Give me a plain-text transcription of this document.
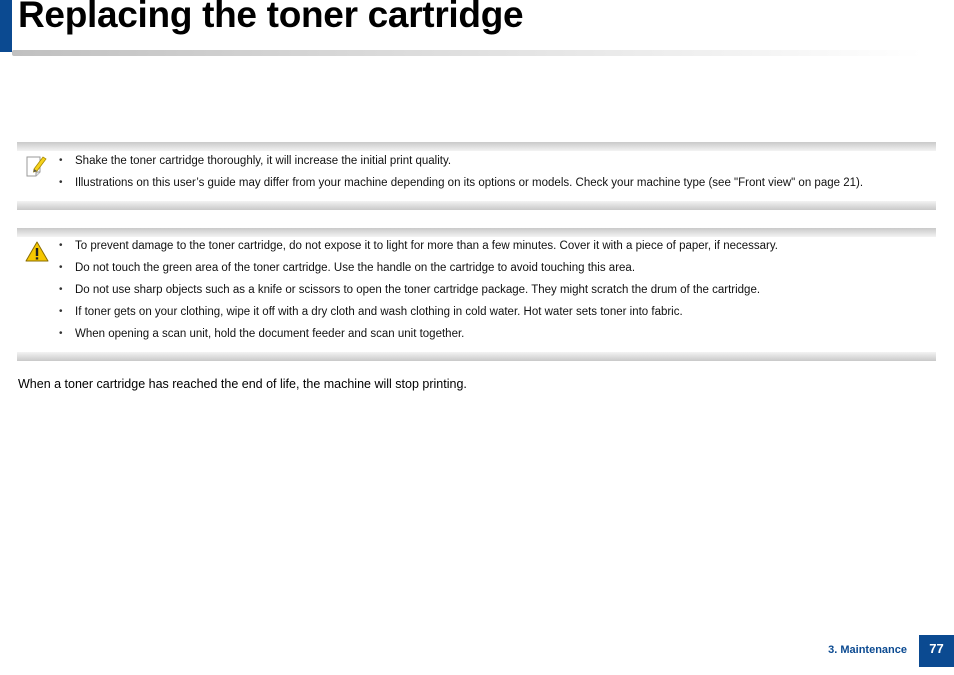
Replacing the toner cartridge
• Shake the toner cartridge thoroughly, it will increase the initial print quality.
• Illustrations on this user’s guide may differ from your machine depending on its options or models. Check your machine type (see "Front view" on page 21).
• To prevent damage to the toner cartridge, do not expose it to light for more than a few minutes. Cover it with a piece of paper, if necessary.
• Do not touch the green area of the toner cartridge. Use the handle on the cartridge to avoid touching this area.
• Do not use sharp objects such as a knife or scissors to open the toner cartridge package. They might scratch the drum of the cartridge.
• If toner gets on your clothing, wipe it off with a dry cloth and wash clothing in cold water. Hot water sets toner into fabric.
• When opening a scan unit, hold the document feeder and scan unit together.

When a toner cartridge has reached the end of life, the machine will stop printing.

3. Maintenance	77
